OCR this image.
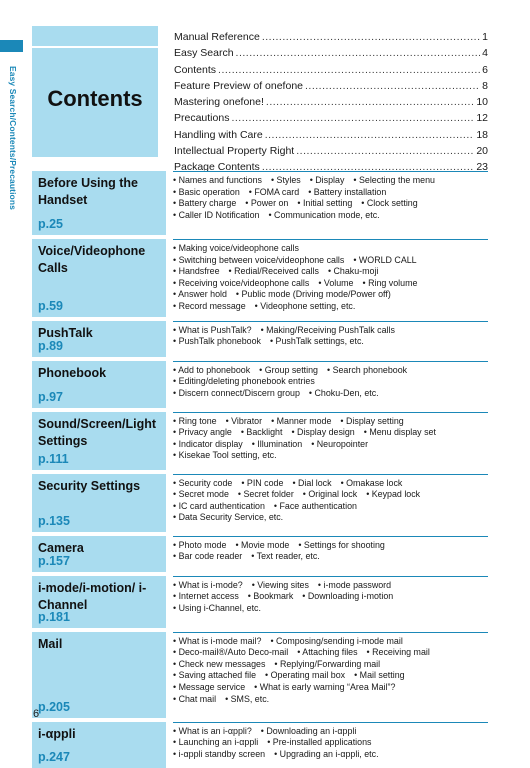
Easy Search/Contents/Precautions	Contents
Manual Reference .....	1
Easy Search .....	4
Contents .....	6
Feature Preview of onefone .....	8
Mastering onefone! .....	10
Precautions .....	12
Handling with Care .....	18
Intellectual Property Right .....	20
Package Contents .....	23
Before Using the Handset
p.25
• Names and functions • Styles • Display • Selecting the menu
• Basic operation • FOMA card • Battery installation
• Battery charge • Power on • Initial setting • Clock setting
• Caller ID Notification • Communication mode, etc.
Voice/Videophone Calls
p.59
• Making voice/videophone calls
• Switching between voice/videophone calls • WORLD CALL
• Handsfree • Redial/Received calls • Chaku-moji
• Receiving voice/videophone calls • Volume • Ring volume
• Answer hold • Public mode (Driving mode/Power off)
• Record message • Videophone setting, etc.
PushTalk
p.89
• What is PushTalk? • Making/Receiving PushTalk calls
• PushTalk phonebook • PushTalk settings, etc.
Phonebook
p.97
• Add to phonebook • Group setting • Search phonebook
• Editing/deleting phonebook entries
• Discern connect/Discern group • Choku-Den, etc.
Sound/Screen/Light Settings
p.111
• Ring tone • Vibrator • Manner mode • Display setting
• Privacy angle • Backlight • Display design • Menu display set
• Indicator display • Illumination • Neuropointer
• Kisekae Tool setting, etc.
Security Settings
p.135
• Security code • PIN code • Dial lock • Omakase lock
• Secret mode • Secret folder • Original lock • Keypad lock
• IC card authentication • Face authentication
• Data Security Service, etc.
Camera
p.157
• Photo mode • Movie mode • Settings for shooting
• Bar code reader • Text reader, etc.
i-mode/i-motion/ i-Channel
p.181
• What is i-mode? • Viewing sites • i-mode password
• Internet access • Bookmark • Downloading i-motion
• Using i-Channel, etc.
Mail
p.205
• What is i-mode mail? • Composing/sending i-mode mail
• Deco-mail®/Auto Deco-mail • Attaching files • Receiving mail
• Check new messages • Replying/Forwarding mail
• Saving attached file • Operating mail box • Mail setting
• Message service • What is early warning “Area Mail”?
• Chat mail • SMS, etc.
i-αppli
p.247
• What is an i-αppli? • Downloading an i-αppli
• Launching an i-αppli • Pre-installed applications
• i-αppli standby screen • Upgrading an i-αppli, etc.
6
